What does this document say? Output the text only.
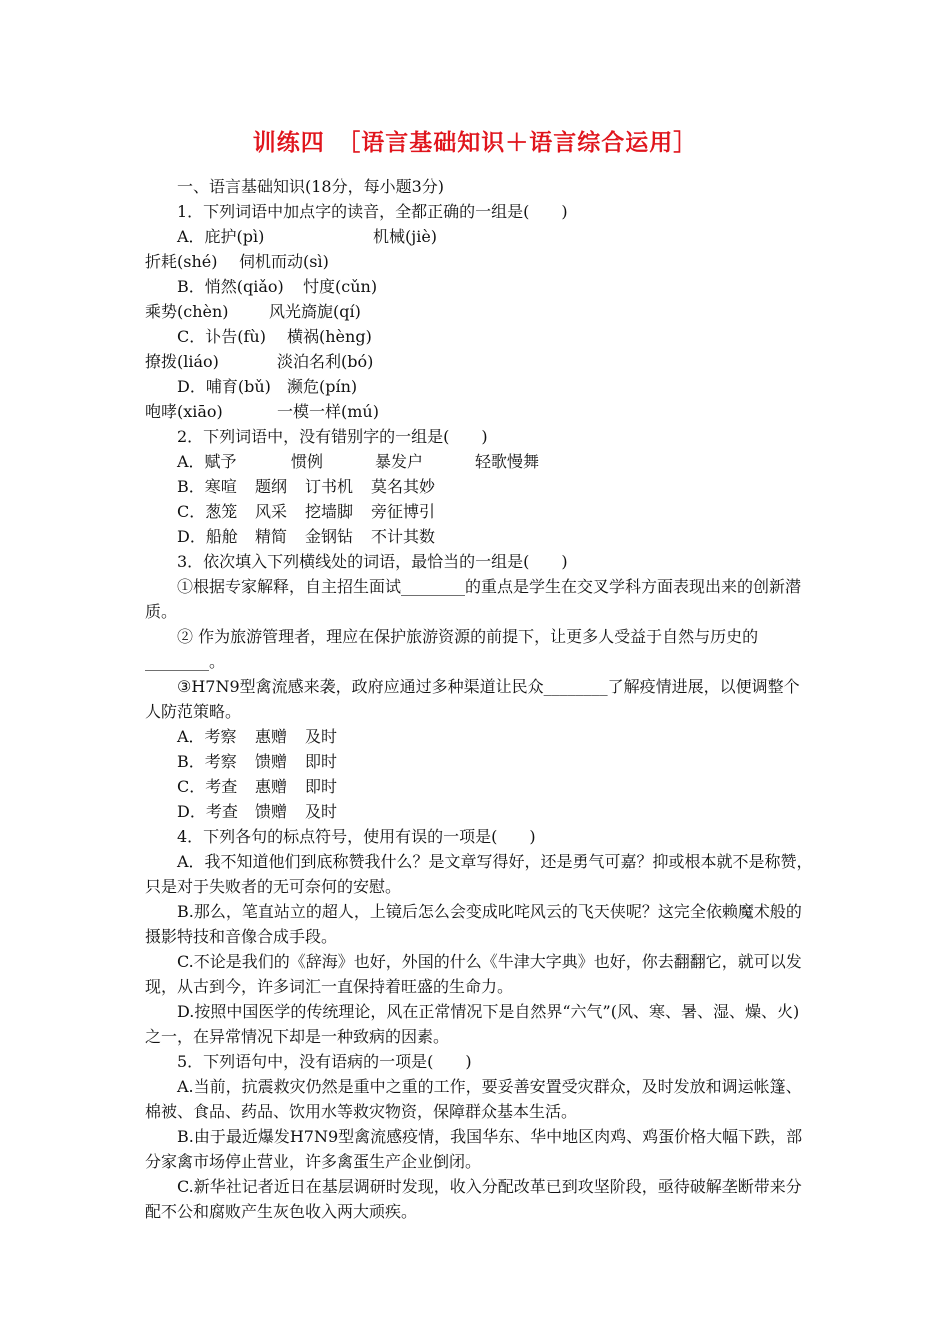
训练四　［语言基础知识＋语言综合运用］
一、语言基础知识(18分，每小题3分)
1．下列词语中加点字的读音，全都正确的一组是(　　)
A．庇护(pì)	机械(jiè)
折耗(shé) 伺机而动(sì)
B．悄然(qiǎo) 忖度(cǔn)
乘势(chèn)	风光旖旎(qí)
C．讣告(fù) 横祸(hèng)
撩拨(liáo)	淡泊名利(bó)
D．哺育(bǔ) 濒危(pín)
咆哮(xiāo)	一模一样(mú)
2．下列词语中，没有错别字的一组是(　　)
A．赋予	惯例	暴发户	轻歌慢舞
B．寒喧 题纲 订书机 莫名其妙
C．葱笼 风采 挖墙脚 旁征博引
D．船舱 精简 金钢钻 不计其数
3．依次填入下列横线处的词语，最恰当的一组是(　　)
①根据专家解释，自主招生面试________的重点是学生在交叉学科方面表现出来的创新潜质。
② 作为旅游管理者，理应在保护旅游资源的前提下，让更多人受益于自然与历史的________。
③H7N9型禽流感来袭，政府应通过多种渠道让民众________了解疫情进展，以便调整个人防范策略。
A．考察 惠赠 及时
B．考察 馈赠 即时
C．考查 惠赠 即时
D．考查 馈赠 及时
4．下列各句的标点符号，使用有误的一项是(　　)
A．我不知道他们到底称赞我什么？是文章写得好，还是勇气可嘉？抑或根本就不是称赞，只是对于失败者的无可奈何的安慰。
B.那么，笔直站立的超人，上镜后怎么会变成叱咤风云的飞天侠呢？这完全依赖魔术般的摄影特技和音像合成手段。
C.不论是我们的《辞海》也好，外国的什么《牛津大字典》也好，你去翻翻它，就可以发现，从古到今，许多词汇一直保持着旺盛的生命力。
D.按照中国医学的传统理论，风在正常情况下是自然界“六气”(风、寒、暑、湿、燥、火)之一，在异常情况下却是一种致病的因素。
5．下列语句中，没有语病的一项是(　　)
A.当前，抗震救灾仍然是重中之重的工作，要妥善安置受灾群众，及时发放和调运帐篷、棉被、食品、药品、饮用水等救灾物资，保障群众基本生活。
B.由于最近爆发H7N9型禽流感疫情，我国华东、华中地区肉鸡、鸡蛋价格大幅下跌，部分家禽市场停止营业，许多禽蛋生产企业倒闭。
C.新华社记者近日在基层调研时发现，收入分配改革已到攻坚阶段，亟待破解垄断带来分配不公和腐败产生灰色收入两大顽疾。
